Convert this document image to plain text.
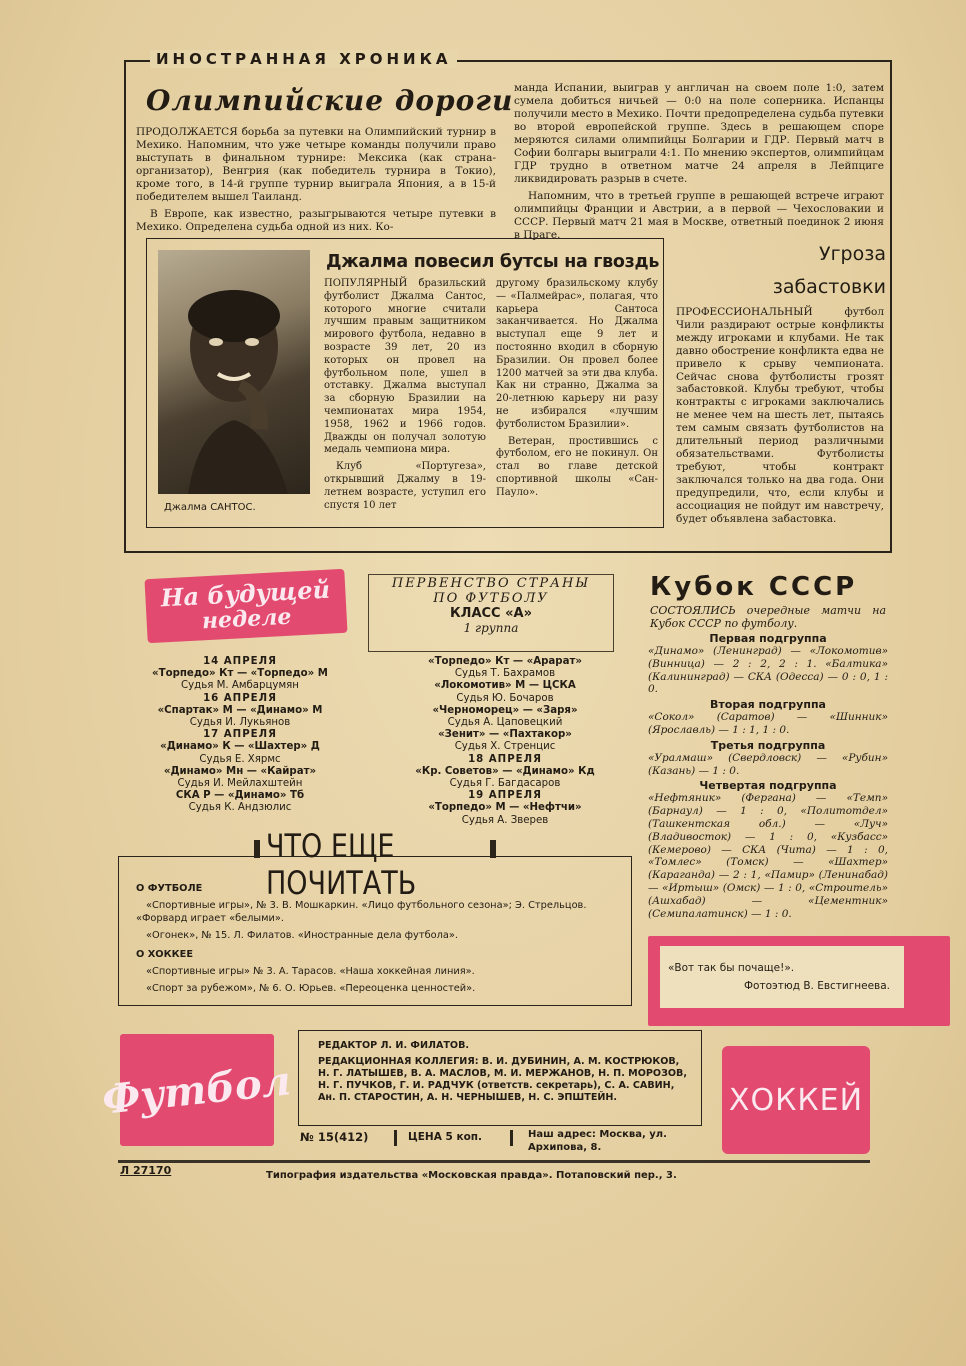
ИНОСТРАННАЯ ХРОНИКА
Олимпийские дороги

ПРОДОЛЖАЕТСЯ борьба за путевки на Олимпийский турнир в Мехико. Напомним, что уже четыре команды получили право выступать в финальном турнире: Мексика (как страна-организатор), Венгрия (как победитель турнира в Токио), кроме того, в 14-й группе турнир выиграла Япония, а в 15-й победителем вышел Таиланд.

В Европе, как известно, разыгрываются четыре путевки в Мехико. Определена судьба одной из них. Ко-

манда Испании, выиграв у англичан на своем поле 1:0, затем сумела добиться ничьей — 0:0 на поле соперника. Испанцы получили место в Мехико. Почти предопределена судьба путевки во второй европейской группе. Здесь в решающем споре меряются силами олимпийцы Болгарии и ГДР. Первый матч в Софии болгары выиграли 4:1. По мнению экспертов, олимпийцам ГДР трудно в ответном матче 24 апреля в Лейпциге ликвидировать разрыв в счете.

Напомним, что в третьей группе в решающей встрече играют олимпийцы Франции и Австрии, а в первой — Чехословакии и СССР. Первый матч 21 мая в Москве, ответный поединок 2 июня в Праге.

Джалма САНТОС.
Джалма повесил бутсы на гвоздь

ПОПУЛЯРНЫЙ бразильский футболист Джалма Сантос, которого многие считали лучшим правым защитником мирового футбола, недавно в возрасте 39 лет, 20 из которых он провел на футбольном поле, ушел в отставку. Джалма выступал за сборную Бразилии на чемпионатах мира 1954, 1958, 1962 и 1966 годов. Дважды он получал золотую медаль чемпиона мира.

Клуб «Португеза», открывший Джалму в 19-летнем возрасте, уступил его спустя 10 лет

другому бразильскому клубу — «Палмейрас», полагая, что карьера Сантоса заканчивается. Но Джалма выступал еще 9 лет и постоянно входил в сборную Бразилии. Он провел более 1200 матчей за эти два клуба. Как ни странно, Джалма за 20-летнюю карьеру ни разу не избирался «лучшим футболистом Бразилии».

Ветеран, простившись с футболом, его не покинул. Он стал во главе детской спортивной школы «Сан-Пауло».

Угроза
забастовки
ПРОФЕССИОНАЛЬНЫЙ футбол Чили раздирают острые конфликты между игроками и клубами. Не так давно обострение конфликта едва не привело к срыву чемпионата. Сейчас снова футболисты грозят забастовкой. Клубы требуют, чтобы контракты с игроками заключались не менее чем на шесть лет, пытаясь тем самым связать футболистов на длительный период различными обязательствами. Футболисты требуют, чтобы контракт заключался только на два года. Они предупредили, что, если клубы и ассоциация не пойдут им навстречу, будет объявлена забастовка.
На будущей
неделе
ПЕРВЕНСТВО СТРАНЫ
ПО ФУТБОЛУ
КЛАСС «А»
1 группа
14 АПРЕЛЯ
«Торпедо» Кт — «Торпедо» М
Судья М. Амбарцумян
16 АПРЕЛЯ
«Спартак» М — «Динамо» М
Судья И. Лукьянов
17 АПРЕЛЯ
«Динамо» К — «Шахтер» Д
Судья Е. Хярмс
«Динамо» Мн — «Кайрат»
Судья И. Мейлахштейн
СКА Р — «Динамо» Тб
Судья К. Андзюлис
«Торпедо» Кт — «Арарат»
Судья Т. Бахрамов
«Локомотив» М — ЦСКА
Судья Ю. Бочаров
«Черноморец» — «Заря»
Судья А. Цаповецкий
«Зенит» — «Пахтакор»
Судья Х. Стренцис
18 АПРЕЛЯ
«Кр. Советов» — «Динамо» Кд
Судья Г. Багдасаров
19 АПРЕЛЯ
«Торпедо» М — «Нефтчи»
Судья А. Зверев
Кубок СССР
СОСТОЯЛИСЬ очередные матчи на Кубок СССР по футболу.
Первая подгруппа
«Динамо» (Ленинград) — «Локомотив» (Винница) — 2 : 2, 2 : 1. «Балтика» (Калининград) — СКА (Одесса) — 0 : 0, 1 : 0.
Вторая подгруппа
«Сокол» (Саратов) — «Шинник» (Ярославль) — 1 : 1, 1 : 0.
Третья подгруппа
«Уралмаш» (Свердловск) — «Рубин» (Казань) — 1 : 0.
Четвертая подгруппа
«Нефтяник» (Фергана) — «Темп» (Барнаул) — 1 : 0, «Политотдел» (Ташкентская обл.) — «Луч» (Владивосток) — 1 : 0, «Кузбасс» (Кемерово) — СКА (Чита) — 1 : 0, «Томлес» (Томск) — «Шахтер» (Караганда) — 2 : 1, «Памир» (Ленинабад) — «Иртыш» (Омск) — 1 : 0, «Строитель» (Ашхабад) — «Цементник» (Семипалатинск) — 1 : 0.
ЧТО ЕЩЕ ПОЧИТАТЬ
О ФУТБОЛЕ
«Спортивные игры», № 3. В. Мошкаркин. «Лицо футбольного сезона»; Э. Стрельцов. «Форвард играет «белыми».
«Огонек», № 15. Л. Филатов. «Иностранные дела футбола».
О ХОККЕЕ
«Спортивные игры» № 3. А. Тарасов. «Наша хоккейная линия».
«Спорт за рубежом», № 6. О. Юрьев. «Переоценка ценностей».
«Вот так бы почаще!».
Фотоэтюд В. Евстигнеева.
Футбол
РЕДАКТОР Л. И. ФИЛАТОВ.
РЕДАКЦИОННАЯ КОЛЛЕГИЯ: В. И. ДУБИНИН, А. М. КОСТРЮКОВ, Н. Г. ЛАТЫШЕВ, В. А. МАСЛОВ, М. И. МЕРЖАНОВ, Н. П. МОРОЗОВ, Н. Г. ПУЧКОВ, Г. И. РАДЧУК (ответств. секретарь), С. А. САВИН, Ан. П. СТАРОСТИН, А. Н. ЧЕРНЫШЕВ, Н. С. ЭПШТЕЙН.
№ 15(412)	ЦЕНА 5 коп.	Наш адрес: Москва, ул. Архипова, 8.
ХОККЕЙ
Л 27170	Типография издательства «Московская правда». Потаповский пер., 3.
